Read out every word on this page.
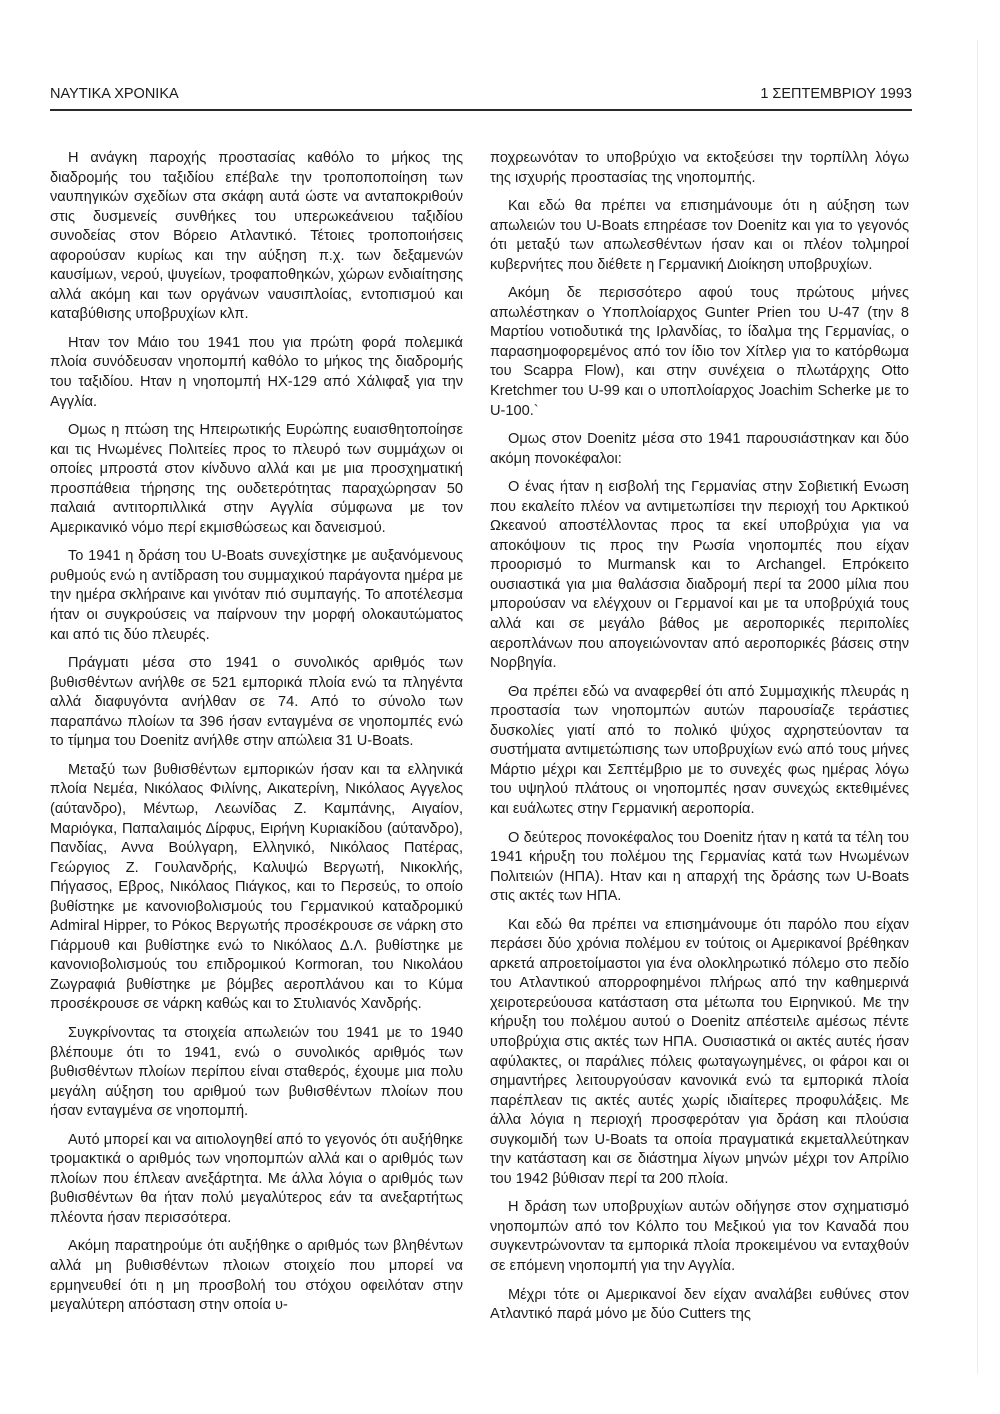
ΝΑΥΤΙΚΑ ΧΡΟΝΙΚΑ	1 ΣΕΠΤΕΜΒΡΙΟΥ 1993

Η ανάγκη παροχής προστασίας καθόλο το μήκος της διαδρομής του ταξιδίου επέβαλε την τροποποποίηση των ναυπηγικών σχεδίων στα σκάφη αυτά ώστε να ανταποκριθούν στις δυσμενείς συνθήκες του υπερωκεάνειου ταξιδίου συνοδείας στον Βόρειο Ατλαντικό. Τέτοιες τροποποιήσεις αφορούσαν κυρίως και την αύξηση π.χ. των δεξαμενών καυσίμων, νερού, ψυγείων, τροφαποθηκών, χώρων ενδιαίτησης αλλά ακόμη και των οργάνων ναυσιπλοίας, εντοπισμού και καταβύθισης υποβρυχίων κλπ.

Ηταν τον Μάιο του 1941 που για πρώτη φορά πολεμικά πλοία συνόδευσαν νηοπομπή καθόλο το μήκος της διαδρομής του ταξιδίου. Ηταν η νηοπομπή ΗΧ-129 από Χάλιφαξ για την Αγγλία.

Ομως η πτώση της Ηπειρωτικής Ευρώπης ευαισθητοποίησε και τις Ηνωμένες Πολιτείες προς το πλευρό των συμμάχων οι οποίες μπροστά στον κίνδυνο αλλά και με μια προσχηματική προσπάθεια τήρησης της ουδετερότητας παραχώρησαν 50 παλαιά αντιτορπιλλικά στην Αγγλία σύμφωνα με τον Αμερικανικό νόμο περί εκμισθώσεως και δανεισμού.

Το 1941 η δράση του U-Boats συνεχίστηκε με αυξανόμενους ρυθμούς ενώ η αντίδραση του συμμαχικού παράγοντα ημέρα με την ημέρα σκλήραινε και γινόταν πιό συμπαγής. Το αποτέλεσμα ήταν οι συγκρούσεις να παίρνουν την μορφή ολοκαυτώματος και από τις δύο πλευρές.

Πράγματι μέσα στο 1941 ο συνολικός αριθμός των βυθισθέντων ανήλθε σε 521 εμπορικά πλοία ενώ τα πληγέντα αλλά διαφυγόντα ανήλθαν σε 74. Από το σύνολο των παραπάνω πλοίων τα 396 ήσαν ενταγμένα σε νηοπομπές ενώ το τίμημα του Doenitz ανήλθε στην απώλεια 31 U-Boats.

Μεταξύ των βυθισθέντων εμπορικών ήσαν και τα ελληνικά πλοία Νεμέα, Νικόλαος Φιλίνης, Αικατερίνη, Νικόλαος Αγγελος (αύτανδρο), Μέντωρ, Λεωνίδας Ζ. Καμπάνης, Αιγαίον, Μαριόγκα, Παπαλαιμός Δίρφυς, Ειρήνη Κυριακίδου (αύτανδρο), Πανδίας, Αννα Βούλγαρη, Ελληνικό, Νικόλαος Πατέρας, Γεώργιος Ζ. Γουλανδρής, Καλυψώ Βεργωτή, Νικοκλής, Πήγασος, Εβρος, Νικόλαος Πιάγκος, και το Περσεύς, το οποίο βυθίστηκε με κανονιοβολισμούς του Γερμανικού καταδρομικύ Admiral Hipper, το Ρόκος Βεργωτής προσέκρουσε σε νάρκη στο Γιάρμουθ και βυθίστηκε ενώ το Νικόλαος Δ.Λ. βυθίστηκε με κανονιοβολισμούς του επιδρομικού Kormoran, του Νικολάου Ζωγραφιά βυθίστηκε με βόμβες αεροπλάνου και το Κύμα προσέκρουσε σε νάρκη καθώς και το Στυλιανός Χανδρής.

Συγκρίνοντας τα στοιχεία απωλειών του 1941 με το 1940 βλέπουμε ότι το 1941, ενώ ο συνολικός αριθμός των βυθισθέντων πλοίων περίπου είναι σταθερός, έχουμε μια πολυ μεγάλη αύξηση του αριθμού των βυθισθέντων πλοίων που ήσαν ενταγμένα σε νηοπομπή.

Αυτό μπορεί και να αιτιολογηθεί από το γεγονός ότι αυξήθηκε τρομακτικά ο αριθμός των νηοπομπών αλλά και ο αριθμός των πλοίων που έπλεαν ανεξάρτητα. Με άλλα λόγια ο αριθμός των βυθισθέντων θα ήταν πολύ μεγαλύτερος εάν τα ανεξαρτήτως πλέοντα ήσαν περισσότερα.

Ακόμη παρατηρούμε ότι αυξήθηκε ο αριθμός των βληθέντων αλλά μη βυθισθέντων πλοιων στοιχείο που μπορεί να ερμηνευθεί ότι η μη προσβολή του στόχου οφειλόταν στην μεγαλύτερη απόσταση στην οποία υ-

ποχρεωνόταν το υποβρύχιο να εκτοξεύσει την τορπίλλη λόγω της ισχυρής προστασίας της νηοπομπής.

Και εδώ θα πρέπει να επισημάνουμε ότι η αύξηση των απωλειών του U-Boats επηρέασε τον Doenitz και για το γεγονός ότι μεταξύ των απωλεσθέντων ήσαν και οι πλέον τολμηροί κυβερνήτες που διέθετε η Γερμανική Διοίκηση υποβρυχίων.

Ακόμη δε περισσότερο αφού τους πρώτους μήνες απωλέστηκαν ο Υποπλοίαρχος Gunter Prien του U-47 (την 8 Μαρτίου νοτιοδυτικά της Ιρλανδίας, το ίδαλμα της Γερμανίας, ο παρασημοφορεμένος από τον ίδιο τον Χίτλερ για το κατόρθωμα του Scappa Flow), και στην συνέχεια ο πλωτάρχης Otto Kretchmer του U-99 και ο υποπλοίαρχος Joachim Scherke με το U-100.`

Ομως στον Doenitz μέσα στο 1941 παρουσιάστηκαν και δύο ακόμη πονοκέφαλοι:

Ο ένας ήταν η εισβολή της Γερμανίας στην Σοβιετική Ενωση που εκαλείτο πλέον να αντιμετωπίσει την περιοχή του Αρκτικού Ωκεανού αποστέλλοντας προς τα εκεί υποβρύχια για να αποκόψουν τις προς την Ρωσία νηοπομπές που είχαν προορισμό το Murmansk και το Archangel. Επρόκειτο ουσιαστικά για μια θαλάσσια διαδρομή περί τα 2000 μίλια που μπορούσαν να ελέγχουν οι Γερμανοί και με τα υποβρύχιά τους αλλά και σε μεγάλο βάθος με αεροπορικές περιπολίες αεροπλάνων που απογειώνονταν από αεροπορικές βάσεις στην Νορβηγία.

Θα πρέπει εδώ να αναφερθεί ότι από Συμμαχικής πλευράς η προστασία των νηοπομπών αυτών παρουσίαζε τεράστιες δυσκολίες γιατί από το πολικό ψύχος αχρηστεύονταν τα συστήματα αντιμετώπισης των υποβρυχίων ενώ από τους μήνες Μάρτιο μέχρι και Σεπτέμβριο με το συνεχές φως ημέρας λόγω του υψηλού πλάτους οι νηοπομπές ησαν συνεχώς εκτεθιμένες και ευάλωτες στην Γερμανική αεροπορία.

Ο δεύτερος πονοκέφαλος του Doenitz ήταν η κατά τα τέλη του 1941 κήρυξη του πολέμου της Γερμανίας κατά των Ηνωμένων Πολιτειών (ΗΠΑ). Ηταν και η απαρχή της δράσης των U-Boats στις ακτές των ΗΠΑ.

Και εδώ θα πρέπει να επισημάνουμε ότι παρόλο που είχαν περάσει δύο χρόνια πολέμου εν τούτοις οι Αμερικανοί βρέθηκαν αρκετά απροετοίμαστοι για ένα ολοκληρωτικό πόλεμο στο πεδίο του Ατλαντικού απορροφημένοι πλήρως από την καθημερινά χειροτερεύουσα κατάσταση στα μέτωπα του Ειρηνικού. Με την κήρυξη του πολέμου αυτού ο Doenitz απέστειλε αμέσως πέντε υποβρύχια στις ακτές των ΗΠΑ. Ουσιαστικά οι ακτές αυτές ήσαν αφύλακτες, οι παράλιες πόλεις φωταγωγημένες, οι φάροι και οι σημαντήρες λειτουργούσαν κανονικά ενώ τα εμπορικά πλοία παρέπλεαν τις ακτές αυτές χωρίς ιδιαίτερες προφυλάξεις. Με άλλα λόγια η περιοχή προσφερόταν για δράση και πλούσια συγκομιδή των U-Boats τα οποία πραγματικά εκμεταλλεύτηκαν την κατάσταση και σε διάστημα λίγων μηνών μέχρι τον Απρίλιο του 1942 βύθισαν περί τα 200 πλοία.

Η δράση των υποβρυχίων αυτών οδήγησε στον σχηματισμό νηοπομπών από τον Κόλπο του Μεξικού για τον Καναδά που συγκεντρώνονταν τα εμπορικά πλοία προκειμένου να ενταχθούν σε επόμενη νηοπομπή για την Αγγλία.

Μέχρι τότε οι Αμερικανοί δεν είχαν αναλάβει ευθύνες στον Ατλαντικό παρά μόνο με δύο Cutters της
